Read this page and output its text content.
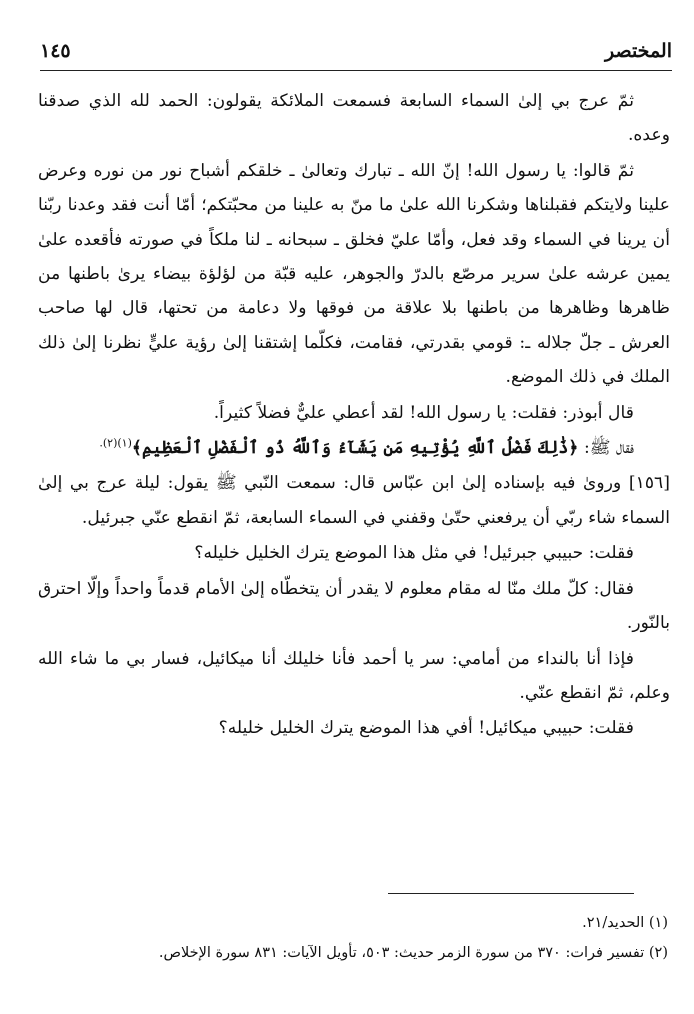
المختصر
١٤٥

ثمّ عرج بي إلىٰ السماء السابعة فسمعت الملائكة يقولون: الحمد لله الذي صدقنا وعده.

ثمّ قالوا: يا رسول الله! إنّ الله ـ تبارك وتعالىٰ ـ خلقكم أشباح نور من نوره وعرض علينا ولايتكم فقبلناها وشكرنا الله علىٰ ما منّ به علينا من محبّتكم؛ أمّا أنت فقد وعدنا ربّنا أن يرينا في السماء وقد فعل، وأمّا عليّ فخلق ـ سبحانه ـ لنا ملكاً في صورته فأقعده علىٰ يمين عرشه علىٰ سرير مرصّع بالدرّ والجوهر، عليه قبّة من لؤلؤة بيضاء يرىٰ باطنها من ظاهرها وظاهرها من باطنها بلا علاقة من فوقها ولا دعامة من تحتها، قال لها صاحب العرش ـ جلّ جلاله ـ: قومي بقدرتي، فقامت، فكلّما إشتقنا إلىٰ رؤية عليٍّ نظرنا إلىٰ ذلك الملك في ذلك الموضع.

قال أبوذر: فقلت: يا رسول الله! لقد أعطي عليٌّ فضلاً كثيراً.

فقال ﷺ: ﴿ذَٰلِكَ فَضْلُ ٱللَّهِ يُؤْتِيهِ مَن يَشَآءُ وَٱللَّهُ ذُو ٱلْفَضْلِ ٱلْعَظِيمِ﴾$^{(١)(٢).}$

[١٥٦] ورویٰ فيه بإسناده إلىٰ ابن عبّاس قال: سمعت النّبي ﷺ يقول: ليلة عرج بي إلىٰ السماء شاء ربّي أن يرفعني حتّىٰ وقفني في السماء السابعة، ثمّ انقطع عنّي جبرئيل.

فقلت: حبيبي جبرئيل! في مثل هذا الموضع يترك الخليل خليله؟

فقال: كلّ ملك منّا له مقام معلوم لا يقدر أن يتخطّاه إلىٰ الأمام قدماً واحداً وإلّا احترق بالنّور.

فإذا أنا بالنداء من أمامي: سر يا أحمد فأنا خليلك أنا ميكائيل، فسار بي ما شاء الله وعلم، ثمّ انقطع عنّي.

فقلت: حبيبي ميكائيل! أفي هذا الموضع يترك الخليل خليله؟

(١) الحديد/٢١.

(٢) تفسير فرات: ٣٧٠ من سورة الزمر حديث: ٥٠٣، تأويل الآيات: ٨٣١ سورة الإخلاص.
